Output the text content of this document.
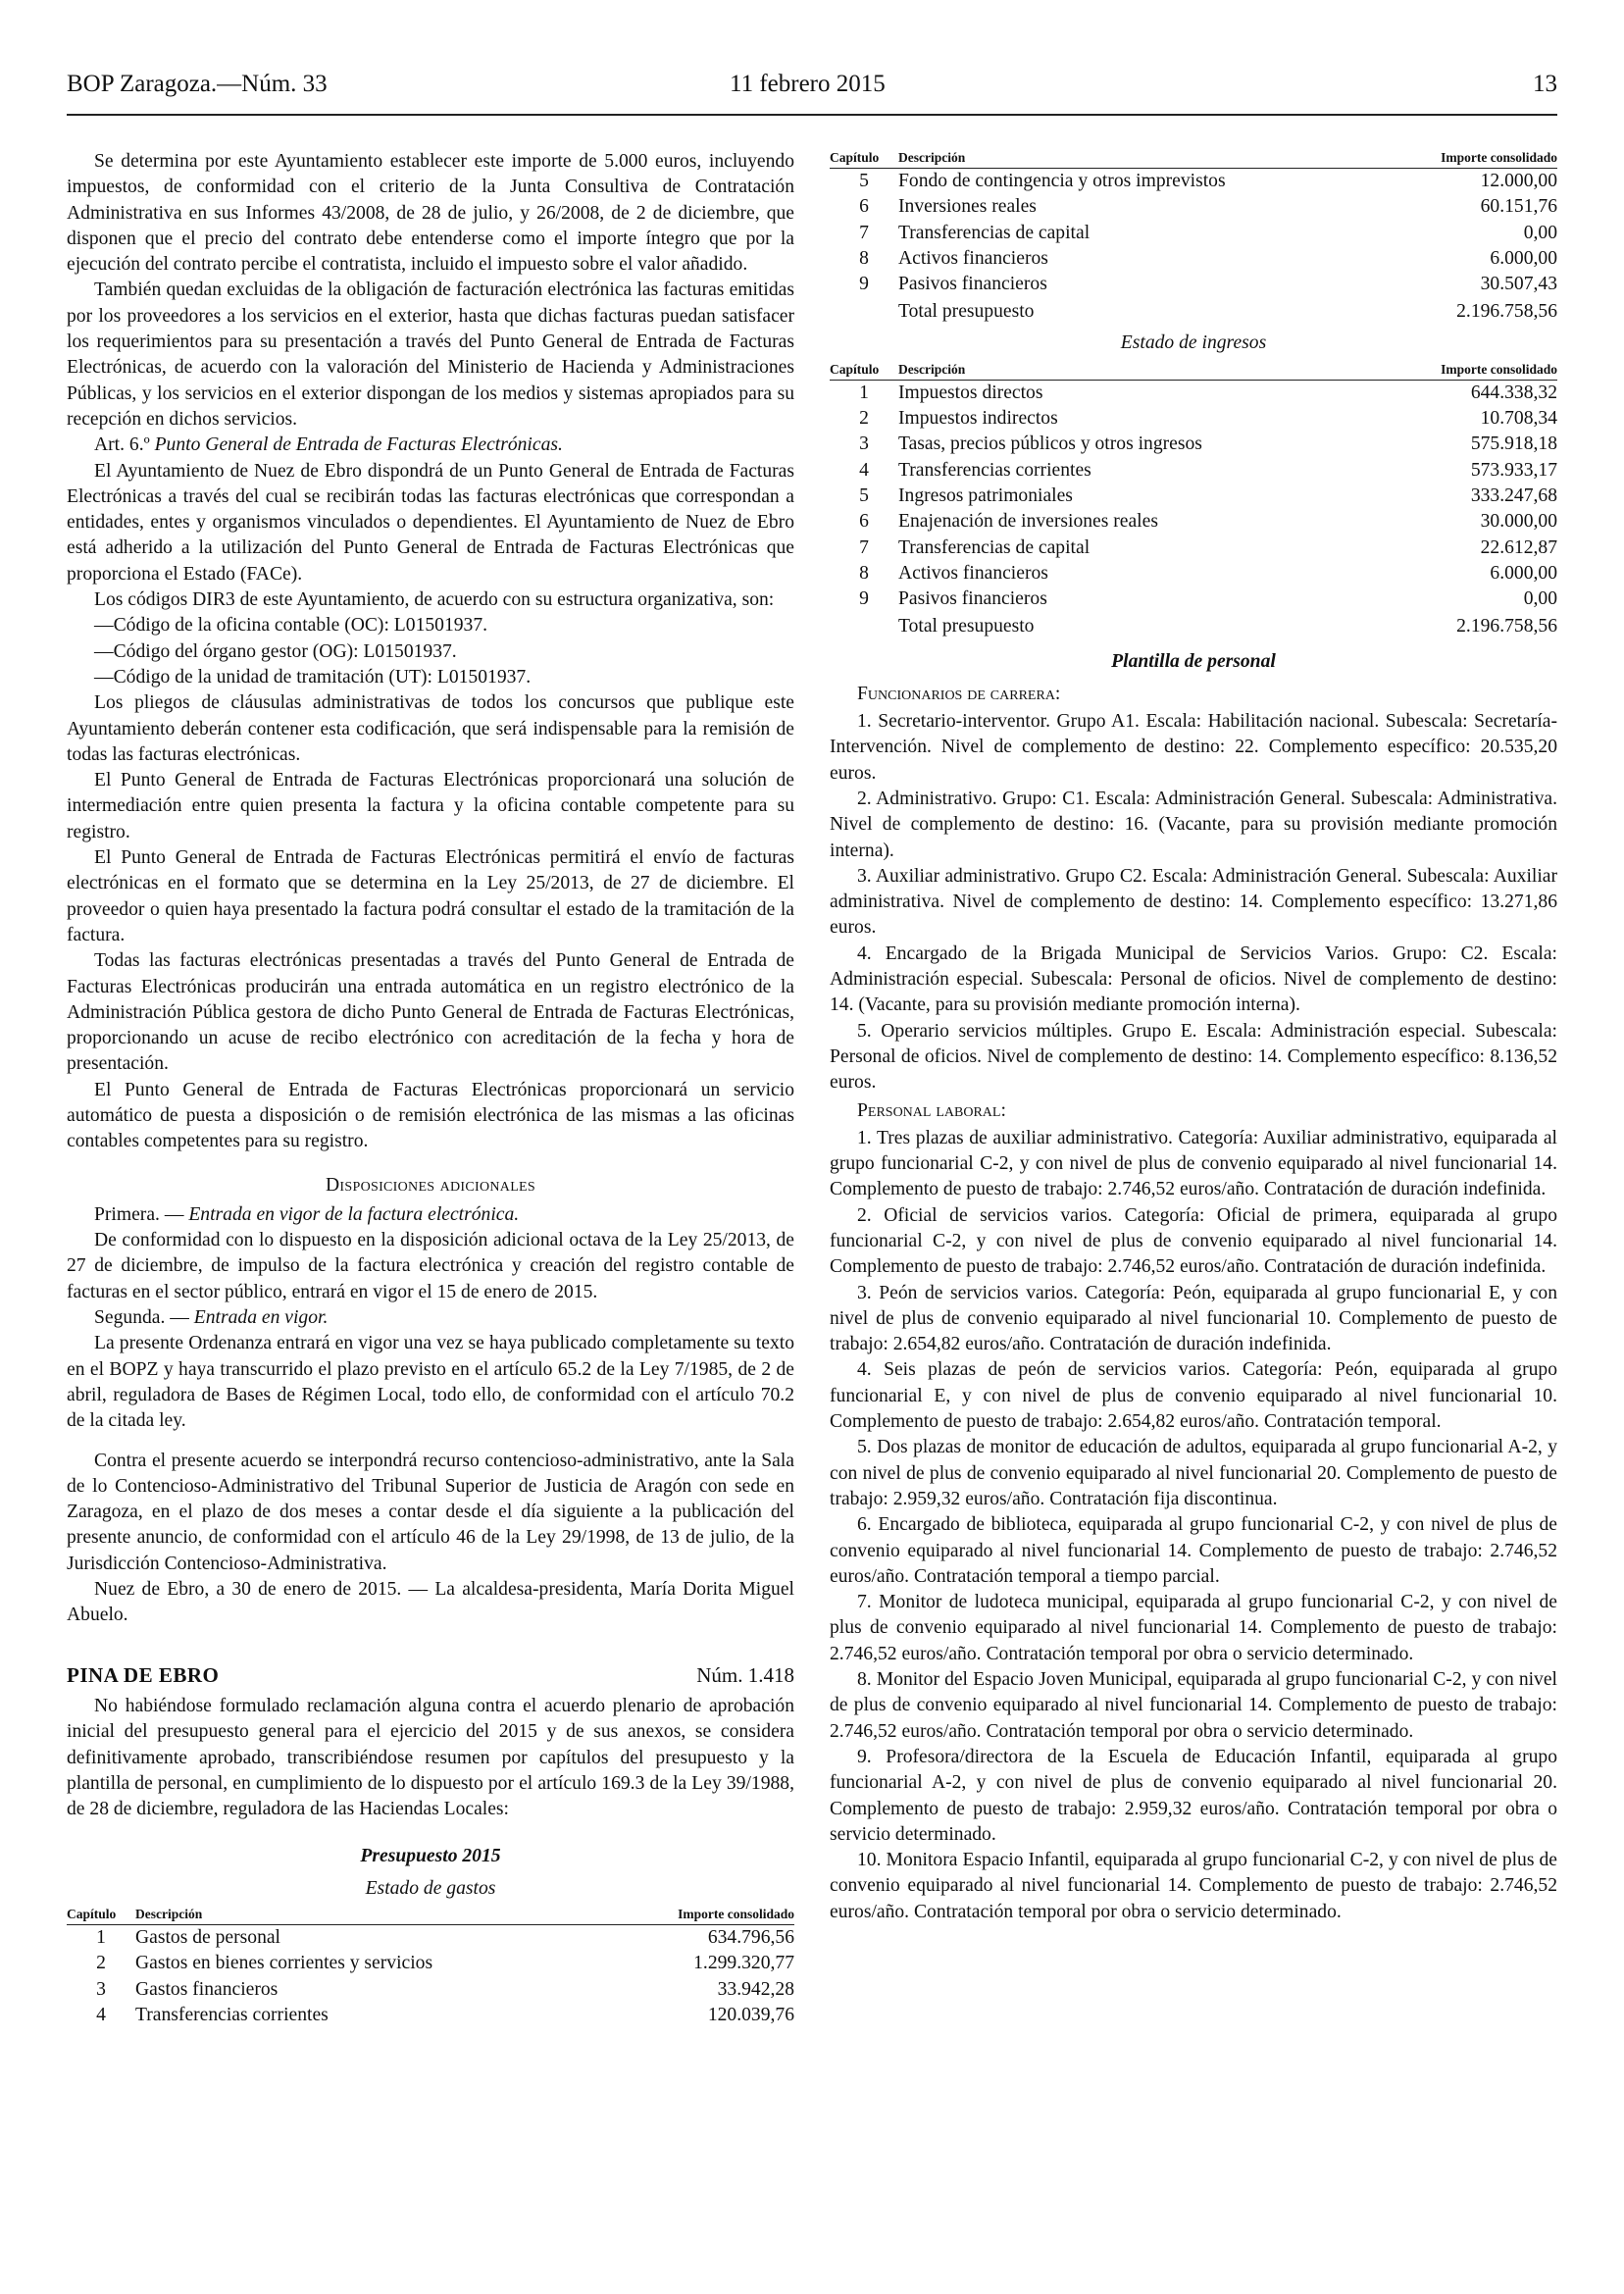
BOP Zaragoza.—Núm. 33	11 febrero 2015	13

Se determina por este Ayuntamiento establecer este importe de 5.000 euros, incluyendo impuestos, de conformidad con el criterio de la Junta Consultiva de Contratación Administrativa en sus Informes 43/2008, de 28 de julio, y 26/2008, de 2 de diciembre, que disponen que el precio del contrato debe entenderse como el importe íntegro que por la ejecución del contrato percibe el contratista, incluido el impuesto sobre el valor añadido.

También quedan excluidas de la obligación de facturación electrónica las facturas emitidas por los proveedores a los servicios en el exterior, hasta que dichas facturas puedan satisfacer los requerimientos para su presentación a través del Punto General de Entrada de Facturas Electrónicas, de acuerdo con la valoración del Ministerio de Hacienda y Administraciones Públicas, y los servicios en el exterior dispongan de los medios y sistemas apropiados para su recepción en dichos servicios.

Art. 6.º Punto General de Entrada de Facturas Electrónicas.

El Ayuntamiento de Nuez de Ebro dispondrá de un Punto General de Entrada de Facturas Electrónicas a través del cual se recibirán todas las facturas electrónicas que correspondan a entidades, entes y organismos vinculados o dependientes. El Ayuntamiento de Nuez de Ebro está adherido a la utilización del Punto General de Entrada de Facturas Electrónicas que proporciona el Estado (FACe).

Los códigos DIR3 de este Ayuntamiento, de acuerdo con su estructura organizativa, son:

—Código de la oficina contable (OC): L01501937.

—Código del órgano gestor (OG): L01501937.

—Código de la unidad de tramitación (UT): L01501937.

Los pliegos de cláusulas administrativas de todos los concursos que publique este Ayuntamiento deberán contener esta codificación, que será indispensable para la remisión de todas las facturas electrónicas.

El Punto General de Entrada de Facturas Electrónicas proporcionará una solución de intermediación entre quien presenta la factura y la oficina contable competente para su registro.

El Punto General de Entrada de Facturas Electrónicas permitirá el envío de facturas electrónicas en el formato que se determina en la Ley 25/2013, de 27 de diciembre. El proveedor o quien haya presentado la factura podrá consultar el estado de la tramitación de la factura.

Todas las facturas electrónicas presentadas a través del Punto General de Entrada de Facturas Electrónicas producirán una entrada automática en un registro electrónico de la Administración Pública gestora de dicho Punto General de Entrada de Facturas Electrónicas, proporcionando un acuse de recibo electrónico con acreditación de la fecha y hora de presentación.

El Punto General de Entrada de Facturas Electrónicas proporcionará un servicio automático de puesta a disposición o de remisión electrónica de las mismas a las oficinas contables competentes para su registro.

Disposiciones adicionales

Primera. — Entrada en vigor de la factura electrónica.

De conformidad con lo dispuesto en la disposición adicional octava de la Ley 25/2013, de 27 de diciembre, de impulso de la factura electrónica y creación del registro contable de facturas en el sector público, entrará en vigor el 15 de enero de 2015.

Segunda. — Entrada en vigor.

La presente Ordenanza entrará en vigor una vez se haya publicado completamente su texto en el BOPZ y haya transcurrido el plazo previsto en el artículo 65.2 de la Ley 7/1985, de 2 de abril, reguladora de Bases de Régimen Local, todo ello, de conformidad con el artículo 70.2 de la citada ley.

Contra el presente acuerdo se interpondrá recurso contencioso-administrativo, ante la Sala de lo Contencioso-Administrativo del Tribunal Superior de Justicia de Aragón con sede en Zaragoza, en el plazo de dos meses a contar desde el día siguiente a la publicación del presente anuncio, de conformidad con el artículo 46 de la Ley 29/1998, de 13 de julio, de la Jurisdicción Contencioso-Administrativa.

Nuez de Ebro, a 30 de enero de 2015. — La alcaldesa-presidenta, María Dorita Miguel Abuelo.

PINA DE EBRO	Núm. 1.418

No habiéndose formulado reclamación alguna contra el acuerdo plenario de aprobación inicial del presupuesto general para el ejercicio del 2015 y de sus anexos, se considera definitivamente aprobado, transcribiéndose resumen por capítulos del presupuesto y la plantilla de personal, en cumplimiento de lo dispuesto por el artículo 169.3 de la Ley 39/1988, de 28 de diciembre, reguladora de las Haciendas Locales:

Presupuesto 2015
Estado de gastos
Capítulo	Descripción	Importe consolidado
1	Gastos de personal	634.796,56
2	Gastos en bienes corrientes y servicios	1.299.320,77
3	Gastos financieros	33.942,28
4	Transferencias corrientes	120.039,76
Capítulo	Descripción	Importe consolidado
5	Fondo de contingencia y otros imprevistos	12.000,00
6	Inversiones reales	60.151,76
7	Transferencias de capital	0,00
8	Activos financieros	6.000,00
9	Pasivos financieros	30.507,43
	Total presupuesto	2.196.758,56
Estado de ingresos
Capítulo	Descripción	Importe consolidado
1	Impuestos directos	644.338,32
2	Impuestos indirectos	10.708,34
3	Tasas, precios públicos y otros ingresos	575.918,18
4	Transferencias corrientes	573.933,17
5	Ingresos patrimoniales	333.247,68
6	Enajenación de inversiones reales	30.000,00
7	Transferencias de capital	22.612,87
8	Activos financieros	6.000,00
9	Pasivos financieros	0,00
	Total presupuesto	2.196.758,56
Plantilla de personal
Funcionarios de carrera:

1. Secretario-interventor. Grupo A1. Escala: Habilitación nacional. Subescala: Secretaría-Intervención. Nivel de complemento de destino: 22. Complemento específico: 20.535,20 euros.

2. Administrativo. Grupo: C1. Escala: Administración General. Subescala: Administrativa. Nivel de complemento de destino: 16. (Vacante, para su provisión mediante promoción interna).

3. Auxiliar administrativo. Grupo C2. Escala: Administración General. Subescala: Auxiliar administrativa. Nivel de complemento de destino: 14. Complemento específico: 13.271,86 euros.

4. Encargado de la Brigada Municipal de Servicios Varios. Grupo: C2. Escala: Administración especial. Subescala: Personal de oficios. Nivel de complemento de destino: 14. (Vacante, para su provisión mediante promoción interna).

5. Operario servicios múltiples. Grupo E. Escala: Administración especial. Subescala: Personal de oficios. Nivel de complemento de destino: 14. Complemento específico: 8.136,52 euros.

Personal laboral:

1. Tres plazas de auxiliar administrativo. Categoría: Auxiliar administrativo, equiparada al grupo funcionarial C-2, y con nivel de plus de convenio equiparado al nivel funcionarial 14. Complemento de puesto de trabajo: 2.746,52 euros/año. Contratación de duración indefinida.

2. Oficial de servicios varios. Categoría: Oficial de primera, equiparada al grupo funcionarial C-2, y con nivel de plus de convenio equiparado al nivel funcionarial 14. Complemento de puesto de trabajo: 2.746,52 euros/año. Contratación de duración indefinida.

3. Peón de servicios varios. Categoría: Peón, equiparada al grupo funcionarial E, y con nivel de plus de convenio equiparado al nivel funcionarial 10. Complemento de puesto de trabajo: 2.654,82 euros/año. Contratación de duración indefinida.

4. Seis plazas de peón de servicios varios. Categoría: Peón, equiparada al grupo funcionarial E, y con nivel de plus de convenio equiparado al nivel funcionarial 10. Complemento de puesto de trabajo: 2.654,82 euros/año. Contratación temporal.

5. Dos plazas de monitor de educación de adultos, equiparada al grupo funcionarial A-2, y con nivel de plus de convenio equiparado al nivel funcionarial 20. Complemento de puesto de trabajo: 2.959,32 euros/año. Contratación fija discontinua.

6. Encargado de biblioteca, equiparada al grupo funcionarial C-2, y con nivel de plus de convenio equiparado al nivel funcionarial 14. Complemento de puesto de trabajo: 2.746,52 euros/año. Contratación temporal a tiempo parcial.

7. Monitor de ludoteca municipal, equiparada al grupo funcionarial C-2, y con nivel de plus de convenio equiparado al nivel funcionarial 14. Complemento de puesto de trabajo: 2.746,52 euros/año. Contratación temporal por obra o servicio determinado.

8. Monitor del Espacio Joven Municipal, equiparada al grupo funcionarial C-2, y con nivel de plus de convenio equiparado al nivel funcionarial 14. Complemento de puesto de trabajo: 2.746,52 euros/año. Contratación temporal por obra o servicio determinado.

9. Profesora/directora de la Escuela de Educación Infantil, equiparada al grupo funcionarial A-2, y con nivel de plus de convenio equiparado al nivel funcionarial 20. Complemento de puesto de trabajo: 2.959,32 euros/año. Contratación temporal por obra o servicio determinado.

10. Monitora Espacio Infantil, equiparada al grupo funcionarial C-2, y con nivel de plus de convenio equiparado al nivel funcionarial 14. Complemento de puesto de trabajo: 2.746,52 euros/año. Contratación temporal por obra o servicio determinado.
